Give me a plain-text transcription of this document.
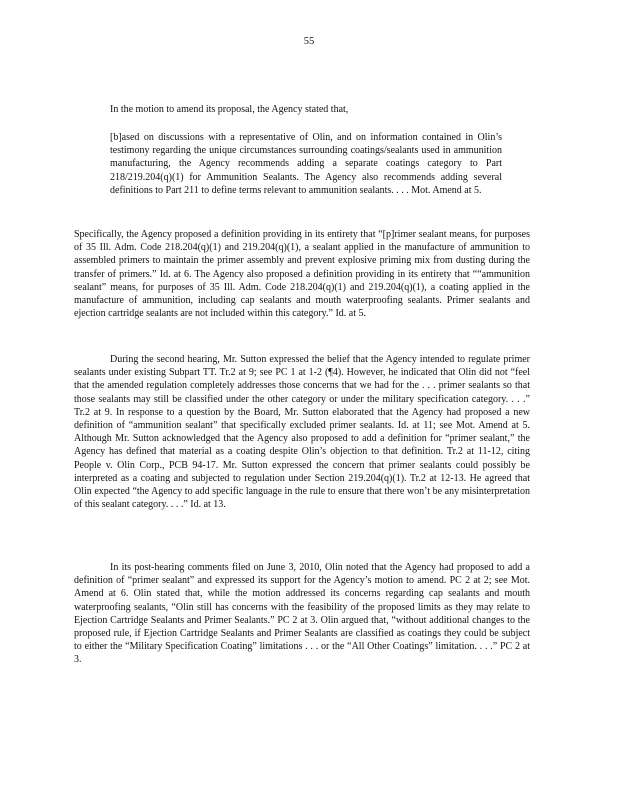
55

In the motion to amend its proposal, the Agency stated that,

[b]ased on discussions with a representative of Olin, and on information contained in Olin’s testimony regarding the unique circumstances surrounding coatings/sealants used in ammunition manufacturing, the Agency recommends adding a separate coatings category to Part 218/219.204(q)(1) for Ammunition Sealants. The Agency also recommends adding several definitions to Part 211 to define terms relevant to ammunition sealants. . . . Mot. Amend at 5.

Specifically, the Agency proposed a definition providing in its entirety that “[p]rimer sealant means, for purposes of 35 Ill. Adm. Code 218.204(q)(1) and 219.204(q)(1), a sealant applied in the manufacture of ammunition to assembled primers to maintain the primer assembly and prevent explosive priming mix from dusting during the transfer of primers.” Id. at 6. The Agency also proposed a definition providing in its entirety that ““ammunition sealant” means, for purposes of 35 Ill. Adm. Code 218.204(q)(1) and 219.204(q)(1), a coating applied in the manufacture of ammunition, including cap sealants and mouth waterproofing sealants. Primer sealants and ejection cartridge sealants are not included within this category.” Id. at 5.

During the second hearing, Mr. Sutton expressed the belief that the Agency intended to regulate primer sealants under existing Subpart TT. Tr.2 at 9; see PC 1 at 1-2 (¶4). However, he indicated that Olin did not “feel that the amended regulation completely addresses those concerns that we had for the . . . primer sealants so that those sealants may still be classified under the other category or under the military specification category. . . .” Tr.2 at 9. In response to a question by the Board, Mr. Sutton elaborated that the Agency had proposed a new definition of “ammunition sealant” that specifically excluded primer sealants. Id. at 11; see Mot. Amend at 5. Although Mr. Sutton acknowledged that the Agency also proposed to add a definition for “primer sealant,” the Agency has defined that material as a coating despite Olin’s objection to that definition. Tr.2 at 11-12, citing People v. Olin Corp., PCB 94-17. Mr. Sutton expressed the concern that primer sealants could possibly be interpreted as a coating and subjected to regulation under Section 219.204(q)(1). Tr.2 at 12-13. He agreed that Olin expected “the Agency to add specific language in the rule to ensure that there won’t be any misinterpretation of this sealant category. . . .” Id. at 13.

In its post-hearing comments filed on June 3, 2010, Olin noted that the Agency had proposed to add a definition of “primer sealant” and expressed its support for the Agency’s motion to amend. PC 2 at 2; see Mot. Amend at 6. Olin stated that, while the motion addressed its concerns regarding cap sealants and mouth waterproofing sealants, “Olin still has concerns with the feasibility of the proposed limits as they may relate to Ejection Cartridge Sealants and Primer Sealants.” PC 2 at 3. Olin argued that, “without additional changes to the proposed rule, if Ejection Cartridge Sealants and Primer Sealants are classified as coatings they could be subject to either the “Military Specification Coating” limitations . . . or the “All Other Coatings” limitation. . . .” PC 2 at 3.
